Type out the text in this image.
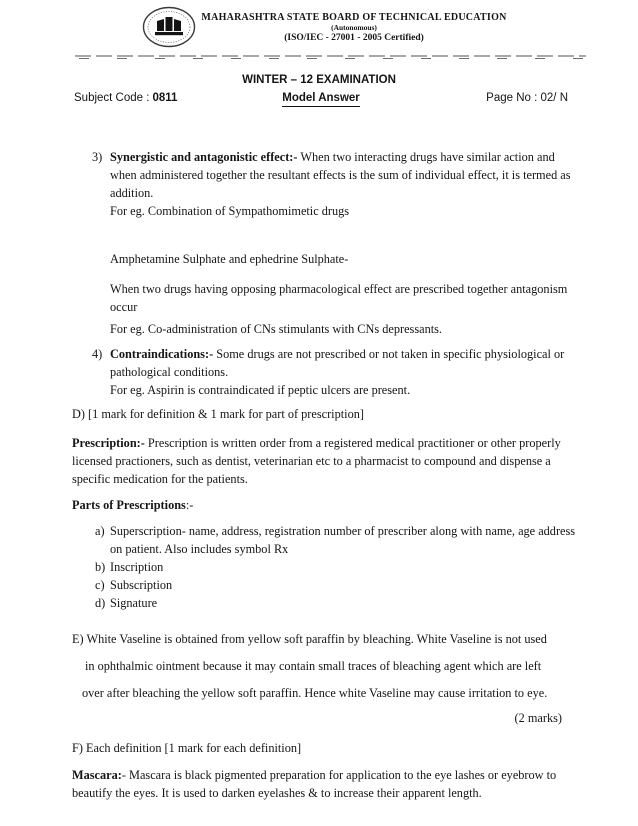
MAHARASHTRA STATE BOARD OF TECHNICAL EDUCATION
(Autonomous)
(ISO/IEC - 27001 - 2005 Certified)
WINTER – 12 EXAMINATION
Subject Code : 0811	Model Answer	Page No : 02/ N
3) Synergistic and antagonistic effect:- When two interacting drugs have similar action and
when administered together the resultant effects is the sum of individual effect, it is termed as
addition.
For eg. Combination of Sympathomimetic drugs
Amphetamine Sulphate and ephedrine Sulphate-
When two drugs having opposing pharmacological effect are prescribed together antagonism
occur
For eg. Co-administration of CNs stimulants with CNs depressants.
4) Contraindications:- Some drugs are not prescribed or not taken in specific physiological or
pathological conditions.
For eg. Aspirin is contraindicated if peptic ulcers are present.
D) [1 mark for definition & 1 mark for part of prescription]
Prescription:- Prescription is written order from a registered medical practitioner or other properly
licensed practioners, such as dentist, veterinarian etc to a pharmacist to compound and dispense a
specific medication for the patients.
Parts of Prescriptions:-
a) Superscription- name, address, registration number of prescriber along with name, age address
on patient. Also includes symbol Rx
b) Inscription
c) Subscription
d) Signature
E) White Vaseline is obtained from yellow soft paraffin by bleaching. White Vaseline is not used
in ophthalmic ointment because it may contain small traces of bleaching agent which are left
over after bleaching the yellow soft paraffin. Hence white Vaseline may cause irritation to eye.
(2 marks)
F) Each definition [1 mark for each definition]
Mascara:- Mascara is black pigmented preparation for application to the eye lashes or eyebrow to
beautify the eyes. It is used to darken eyelashes & to increase their apparent length.
